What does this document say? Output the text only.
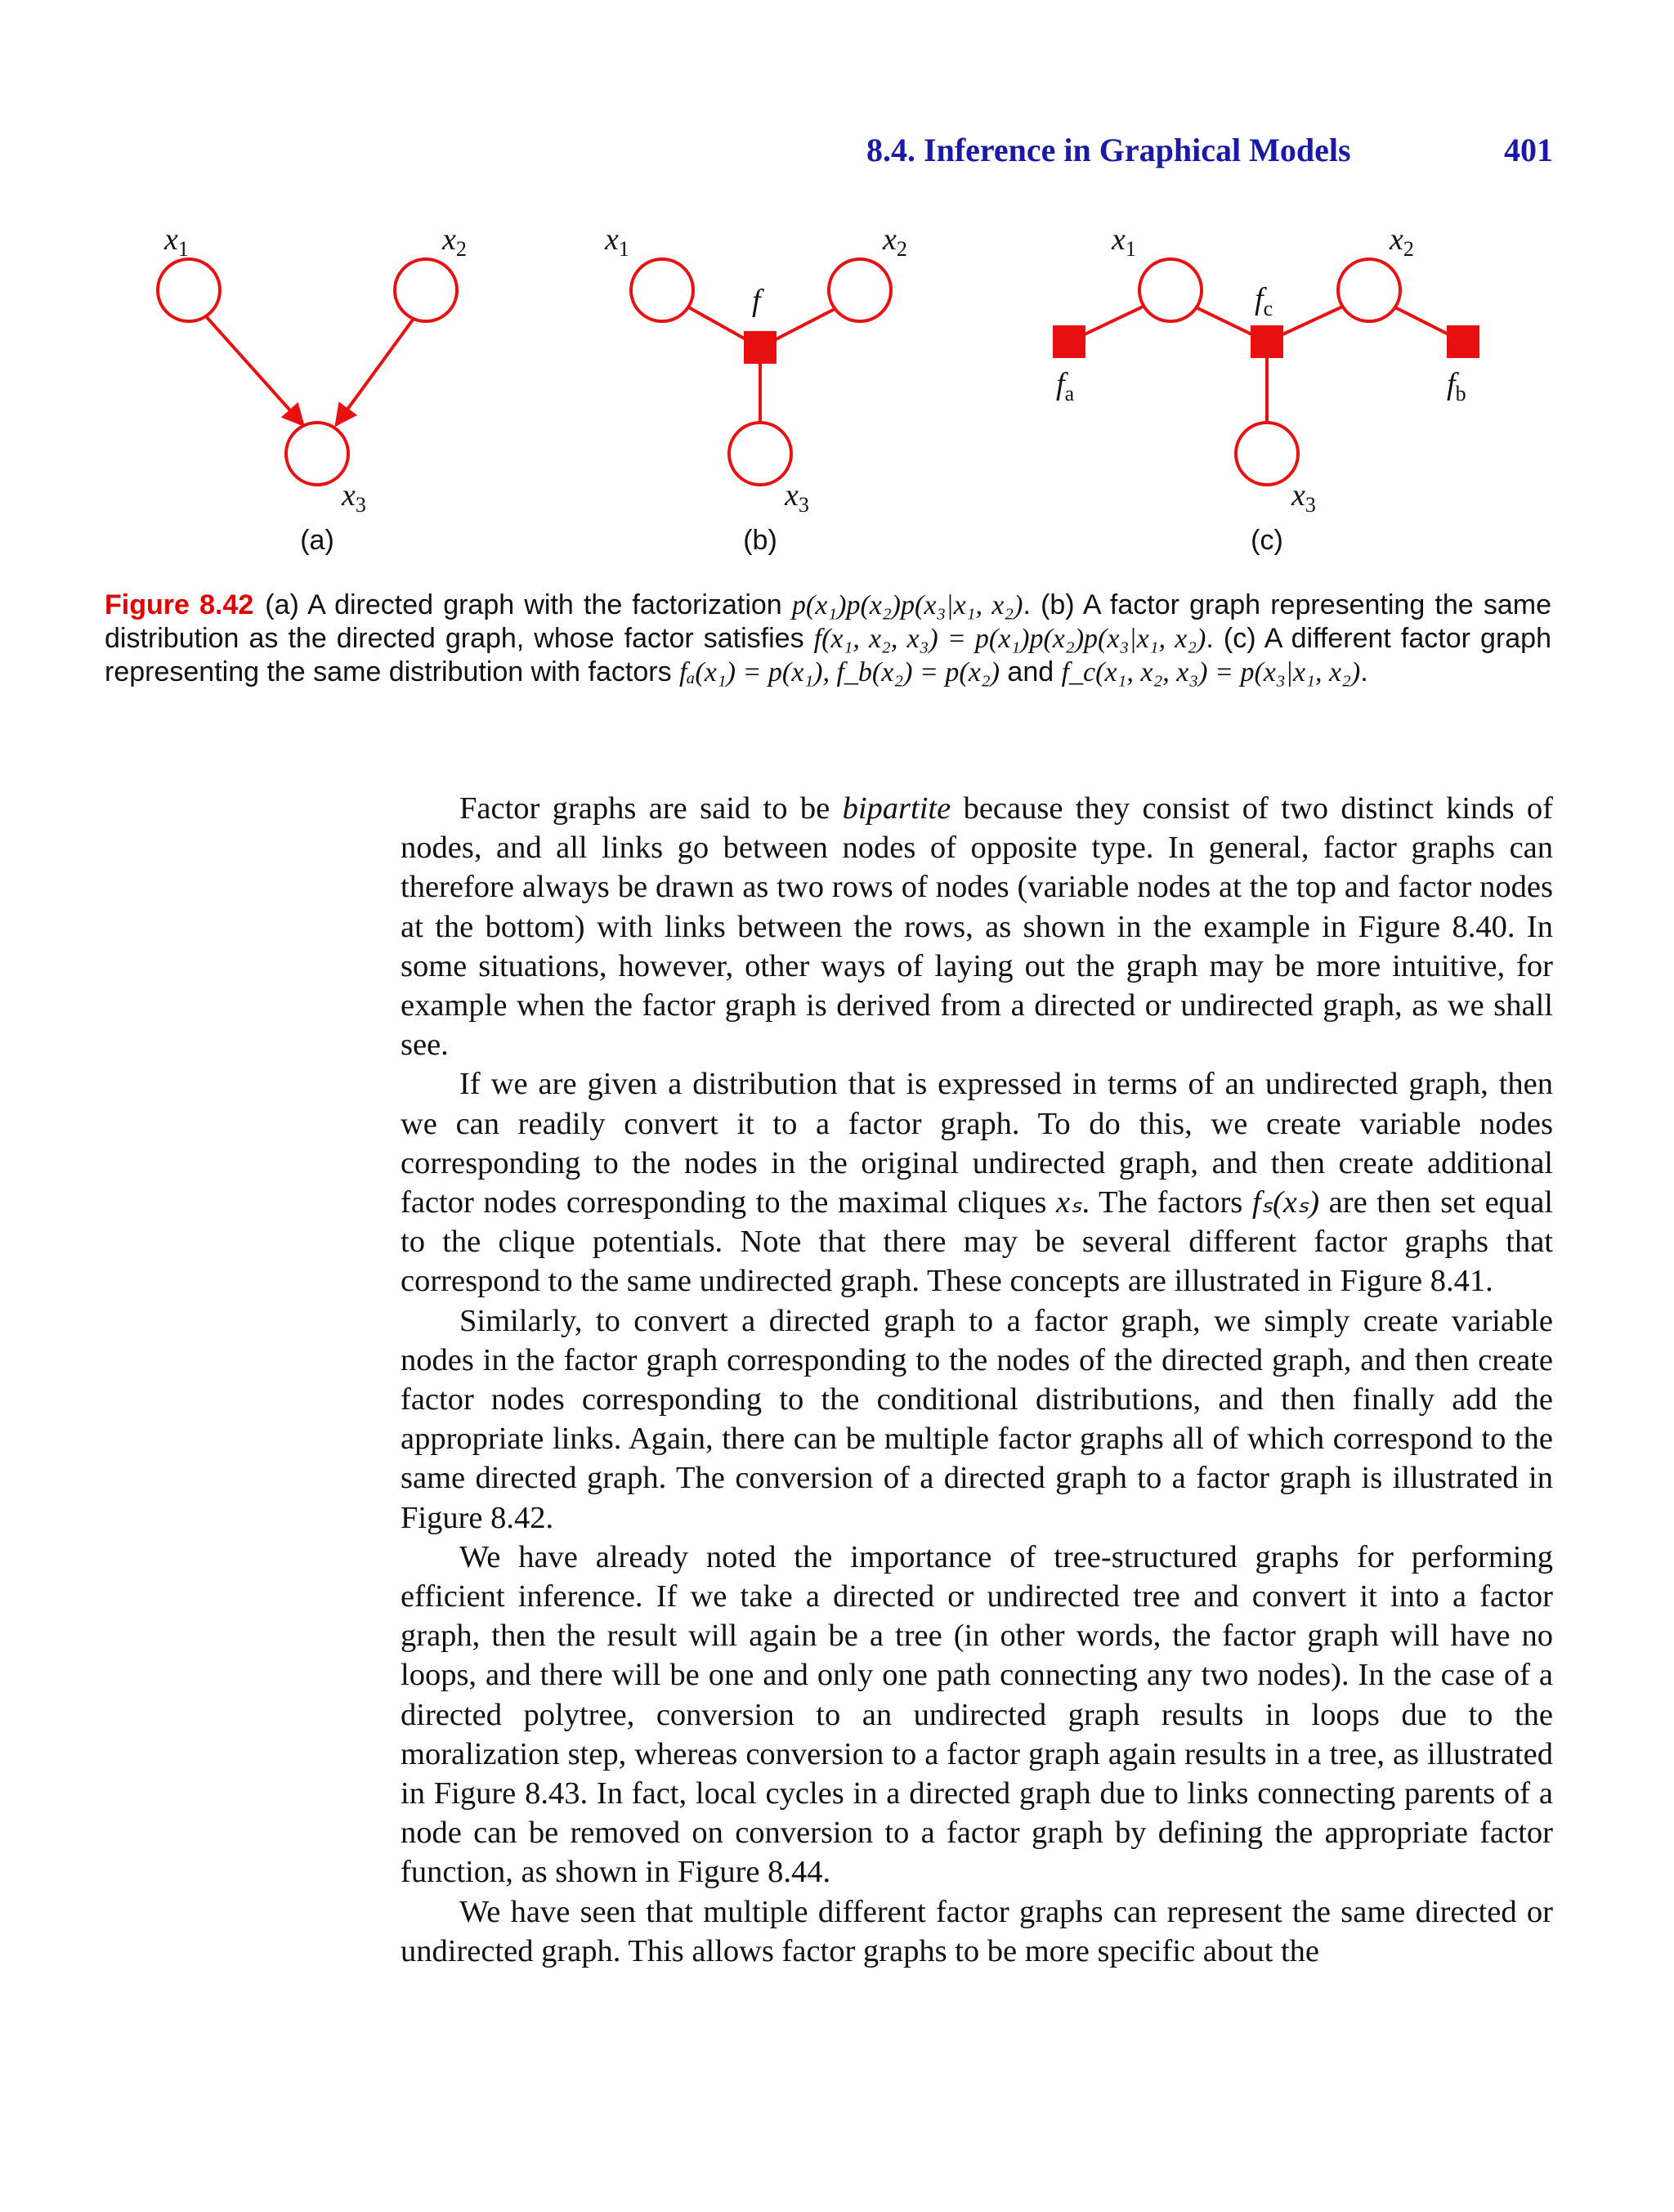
8.4. Inference in Graphical Models	401
$x_1$	$x_2$
$x_3$
(a)
$x_1$	$x_2$
f
$x_3$
(b)
$x_1$	$x_2$
$f_c$
$f_a$	$f_b$
$x_3$
(c)
Figure 8.42 (a) A directed graph with the factorization p(x₁)p(x₂)p(x₃|x₁, x₂). (b) A factor graph representing the same distribution as the directed graph, whose factor satisfies f(x₁, x₂, x₃) = p(x₁)p(x₂)p(x₃|x₁, x₂). (c) A different factor graph representing the same distribution with factors fₐ(x₁) = p(x₁), f_b(x₂) = p(x₂) and f_c(x₁, x₂, x₃) = p(x₃|x₁, x₂).

Factor graphs are said to be bipartite because they consist of two distinct kinds of nodes, and all links go between nodes of opposite type. In general, factor graphs can therefore always be drawn as two rows of nodes (variable nodes at the top and factor nodes at the bottom) with links between the rows, as shown in the example in Figure 8.40. In some situations, however, other ways of laying out the graph may be more intuitive, for example when the factor graph is derived from a directed or undirected graph, as we shall see.

If we are given a distribution that is expressed in terms of an undirected graph, then we can readily convert it to a factor graph. To do this, we create variable nodes corresponding to the nodes in the original undirected graph, and then create additional factor nodes corresponding to the maximal cliques xₛ. The factors fₛ(xₛ) are then set equal to the clique potentials. Note that there may be several different factor graphs that correspond to the same undirected graph. These concepts are illustrated in Figure 8.41.

Similarly, to convert a directed graph to a factor graph, we simply create variable nodes in the factor graph corresponding to the nodes of the directed graph, and then create factor nodes corresponding to the conditional distributions, and then finally add the appropriate links. Again, there can be multiple factor graphs all of which correspond to the same directed graph. The conversion of a directed graph to a factor graph is illustrated in Figure 8.42.

We have already noted the importance of tree-structured graphs for performing efficient inference. If we take a directed or undirected tree and convert it into a factor graph, then the result will again be a tree (in other words, the factor graph will have no loops, and there will be one and only one path connecting any two nodes). In the case of a directed polytree, conversion to an undirected graph results in loops due to the moralization step, whereas conversion to a factor graph again results in a tree, as illustrated in Figure 8.43. In fact, local cycles in a directed graph due to links connecting parents of a node can be removed on conversion to a factor graph by defining the appropriate factor function, as shown in Figure 8.44.

We have seen that multiple different factor graphs can represent the same directed or undirected graph. This allows factor graphs to be more specific about the
